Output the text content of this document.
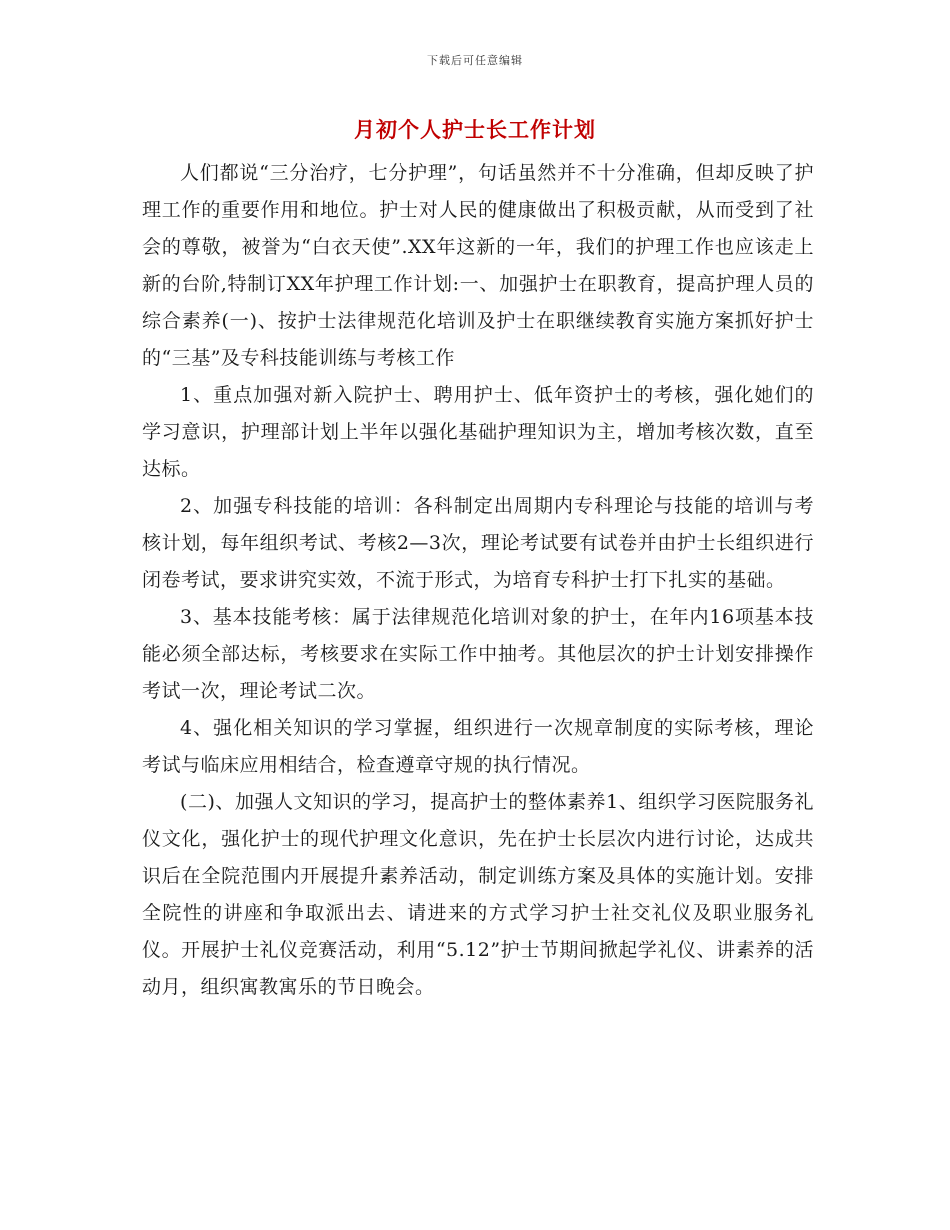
下载后可任意编辑
月初个人护士长工作计划

人们都说“三分治疗，七分护理”，句话虽然并不十分准确，但却反映了护理工作的重要作用和地位。护士对人民的健康做出了积极贡献，从而受到了社会的尊敬，被誉为“白衣天使”.XX年这新的一年，我们的护理工作也应该走上新的台阶,特制订XX年护理工作计划:一、加强护士在职教育，提高护理人员的综合素养(一)、按护士法律规范化培训及护士在职继续教育实施方案抓好护士的“三基”及专科技能训练与考核工作

1、重点加强对新入院护士、聘用护士、低年资护士的考核，强化她们的学习意识，护理部计划上半年以强化基础护理知识为主，增加考核次数，直至达标。

2、加强专科技能的培训：各科制定出周期内专科理论与技能的培训与考核计划，每年组织考试、考核2—3次，理论考试要有试卷并由护士长组织进行闭卷考试，要求讲究实效，不流于形式，为培育专科护士打下扎实的基础。

3、基本技能考核：属于法律规范化培训对象的护士，在年内16项基本技能必须全部达标，考核要求在实际工作中抽考。其他层次的护士计划安排操作考试一次，理论考试二次。

4、强化相关知识的学习掌握，组织进行一次规章制度的实际考核，理论考试与临床应用相结合，检查遵章守规的执行情况。

(二)、加强人文知识的学习，提高护士的整体素养1、组织学习医院服务礼仪文化，强化护士的现代护理文化意识，先在护士长层次内进行讨论，达成共识后在全院范围内开展提升素养活动，制定训练方案及具体的实施计划。安排全院性的讲座和争取派出去、请进来的方式学习护士社交礼仪及职业服务礼仪。开展护士礼仪竞赛活动，利用“5.12”护士节期间掀起学礼仪、讲素养的活动月，组织寓教寓乐的节日晚会。
